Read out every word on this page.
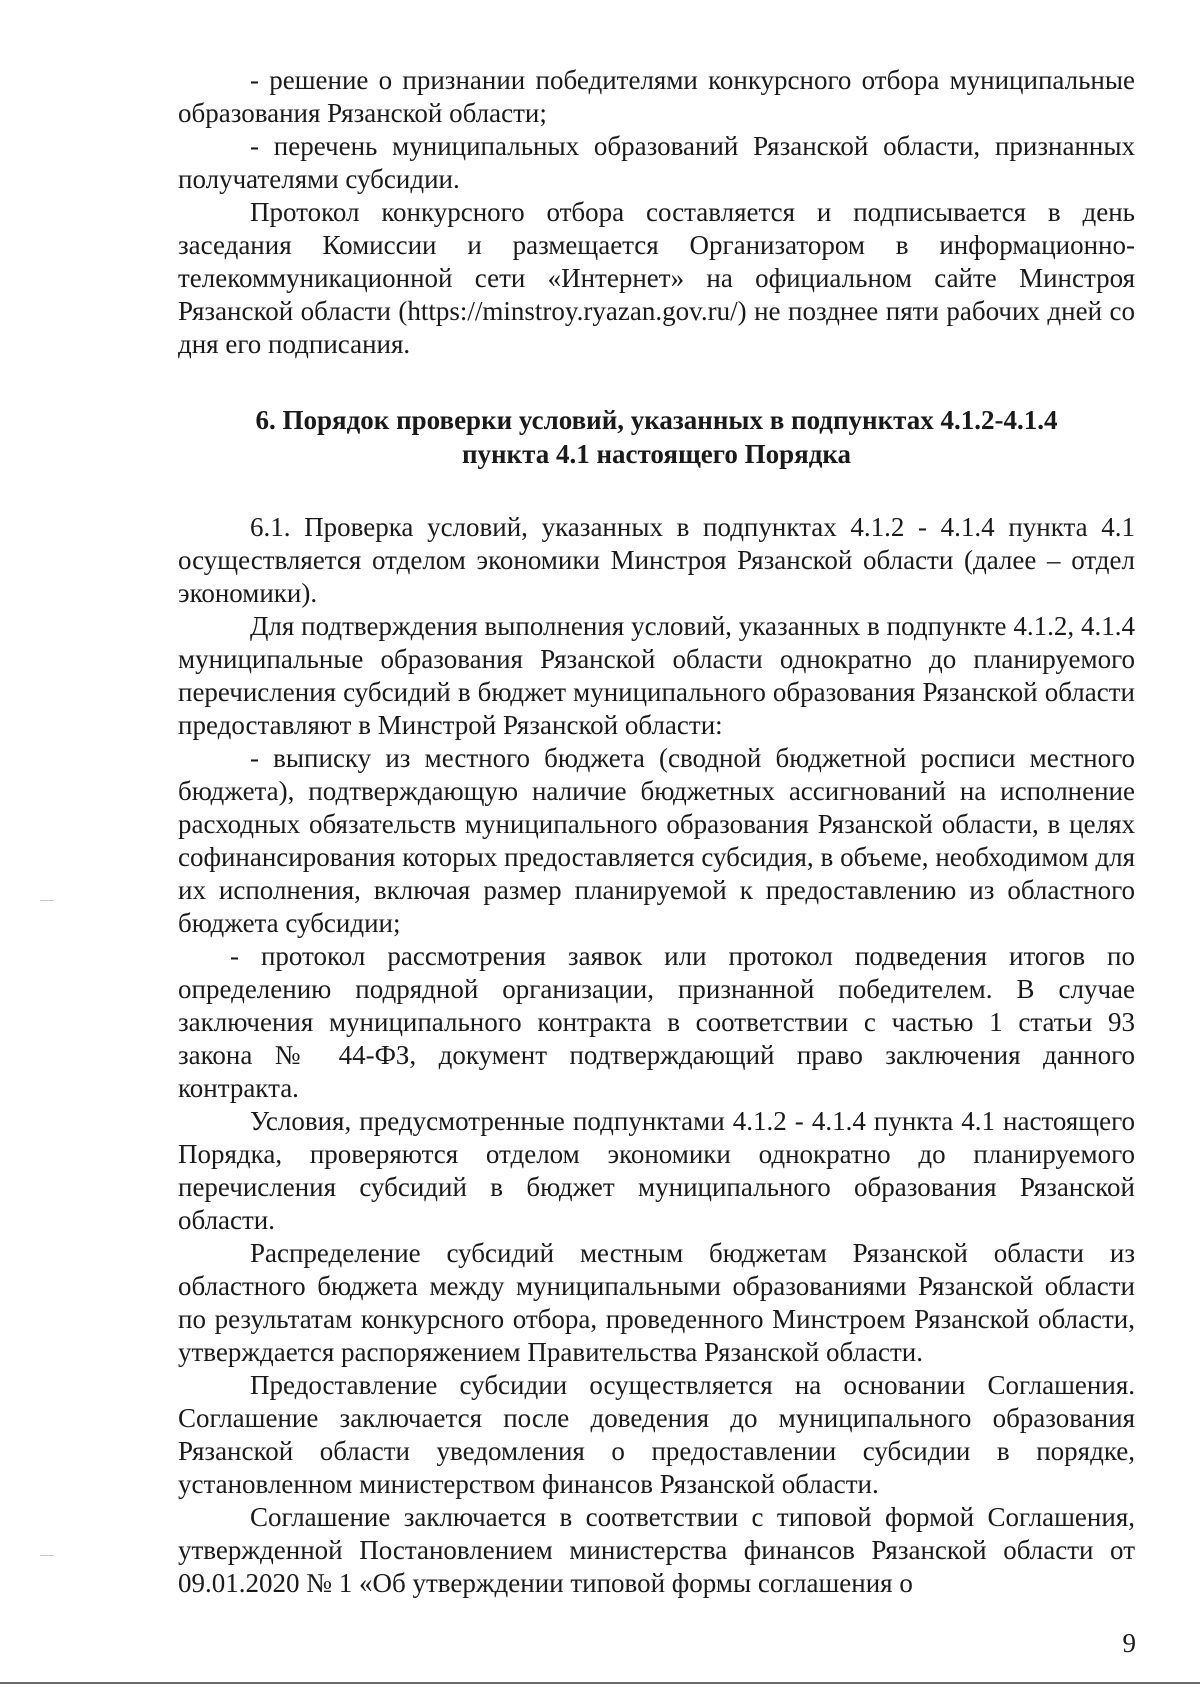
- решение о признании победителями конкурсного отбора муниципальные образования Рязанской области;

- перечень муниципальных образований Рязанской области, признанных получателями субсидии.

Протокол конкурсного отбора составляется и подписывается в день заседания Комиссии и размещается Организатором в информационно-телекоммуникационной сети «Интернет» на официальном сайте Минстроя Рязанской области (https://minstroy.ryazan.gov.ru/) не позднее пяти рабочих дней со дня его подписания.

6. Порядок проверки условий, указанных в подпунктах 4.1.2-4.1.4
пункта 4.1 настоящего Порядка

6.1. Проверка условий, указанных в подпунктах 4.1.2 - 4.1.4 пункта 4.1 осуществляется отделом экономики Минстроя Рязанской области (далее – отдел экономики).

Для подтверждения выполнения условий, указанных в подпункте 4.1.2, 4.1.4 муниципальные образования Рязанской области однократно до планируемого перечисления субсидий в бюджет муниципального образования Рязанской области предоставляют в Минстрой Рязанской области:

- выписку из местного бюджета (сводной бюджетной росписи местного бюджета), подтверждающую наличие бюджетных ассигнований на исполнение расходных обязательств муниципального образования Рязанской области, в целях софинансирования которых предоставляется субсидия, в объеме, необходимом для их исполнения, включая размер планируемой к предоставлению из областного бюджета субсидии;

- протокол рассмотрения заявок или протокол подведения итогов по определению подрядной организации, признанной победителем. В случае заключения муниципального контракта в соответствии с частью 1 статьи 93 закона № 44-ФЗ, документ подтверждающий право заключения данного контракта.

Условия, предусмотренные подпунктами 4.1.2 - 4.1.4 пункта 4.1 настоящего Порядка, проверяются отделом экономики однократно до планируемого перечисления субсидий в бюджет муниципального образования Рязанской области.

Распределение субсидий местным бюджетам Рязанской области из областного бюджета между муниципальными образованиями Рязанской области по результатам конкурсного отбора, проведенного Минстроем Рязанской области, утверждается распоряжением Правительства Рязанской области.

Предоставление субсидии осуществляется на основании Соглашения. Соглашение заключается после доведения до муниципального образования Рязанской области уведомления о предоставлении субсидии в порядке, установленном министерством финансов Рязанской области.

Соглашение заключается в соответствии с типовой формой Соглашения, утвержденной Постановлением министерства финансов Рязанской области от 09.01.2020 № 1 «Об утверждении типовой формы соглашения о

9
